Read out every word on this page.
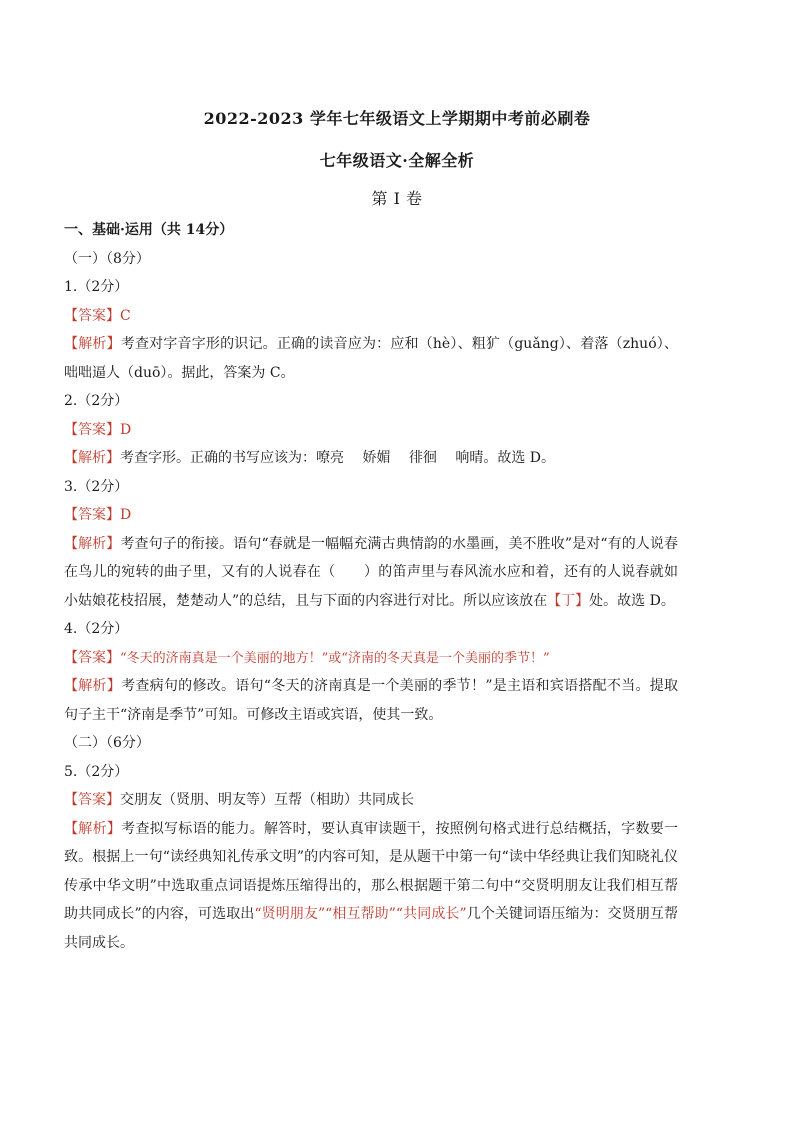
2022-2023 学年七年级语文上学期期中考前必刷卷
七年级语文·全解全析
第 I 卷
一、基础·运用（共 14分）
（一）（8分）
1.（2分）
【答案】C
【解析】考查对字音字形的识记。正确的读音应为：应和（hè）、粗犷（guǎng）、着落（zhuó）、咄咄逼人（duō）。据此，答案为 C。
2.（2分）
【答案】D
【解析】考查字形。正确的书写应该为：嘹亮　 娇媚　 徘徊　 响晴。故选 D。
3.（2分）
【答案】D
【解析】考查句子的衔接。语句“春就是一幅幅充满古典情韵的水墨画，美不胜收”是对“有的人说春在鸟儿的宛转的曲子里，又有的人说春在（　　）的笛声里与春风流水应和着，还有的人说春就如小姑娘花枝招展，楚楚动人”的总结，且与下面的内容进行对比。所以应该放在【丁】处。故选 D。
4.（2分）
【答案】“冬天的济南真是一个美丽的地方！”或“济南的冬天真是一个美丽的季节！”
【解析】考查病句的修改。语句“冬天的济南真是一个美丽的季节！”是主语和宾语搭配不当。提取句子主干“济南是季节”可知。可修改主语或宾语，使其一致。
（二）（6分）
5.（2分）
【答案】交朋友（贤朋、明友等）互帮（相助）共同成长
【解析】考查拟写标语的能力。解答时，要认真审读题干，按照例句格式进行总结概括，字数要一致。根据上一句“读经典知礼传承文明”的内容可知，是从题干中第一句“读中华经典让我们知晓礼仪传承中华文明”中选取重点词语提炼压缩得出的，那么根据题干第二句中“交贤明朋友让我们相互帮助共同成长”的内容，可选取出“贤明朋友”“相互帮助”“共同成长”几个关键词语压缩为：交贤朋互帮共同成长。
